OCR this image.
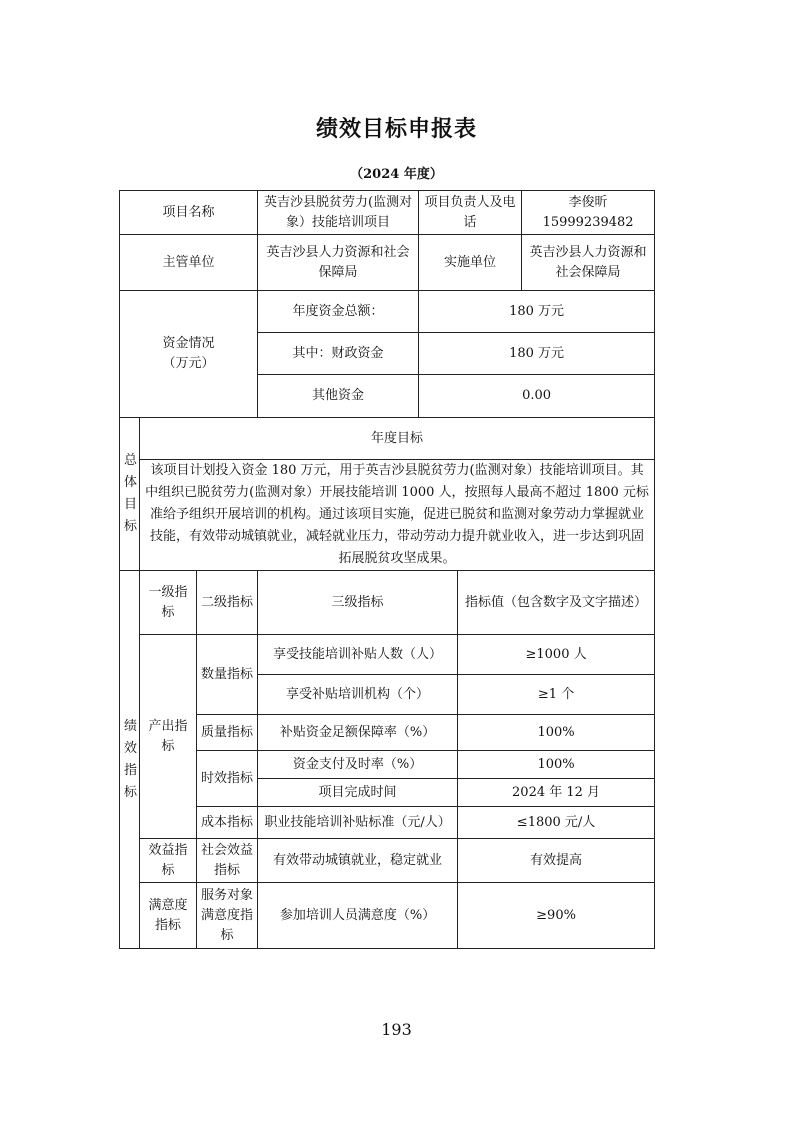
绩效目标申报表
（2024 年度）
项目名称			英吉沙县脱贫劳力(监测对象）技能培训项目	项目负责人及电话		李俊昕 15999239482
主管单位			英吉沙县人力资源和社会保障局	实施单位		英吉沙县人力资源和社会保障局

资金情况
（万元）			年度资金总额：	180 万元		
			其中：财政资金	180 万元		
			其他资金	0.00		
总体目标	年度目标					
	该项目计划投入资金 180 万元，用于英吉沙县脱贫劳力(监测对象）技能培训项目。其中组织已脱贫劳力(监测对象）开展技能培训 1000 人，按照每人最高不超过 1800 元标准给予组织开展培训的机构。通过该项目实施，促进已脱贫和监测对象劳动力掌握就业技能，有效带动城镇就业，减轻就业压力，带动劳动力提升就业收入，进一步达到巩固拓展脱贫攻坚成果。					
绩效指标	一级指标	二级指标	三级指标		指标值（包含数字及文字描述）	
	产出指标	数量指标	享受技能培训补贴人数（人）		≥1000 人	
			享受补贴培训机构（个）		≥1 个	
		质量指标	补贴资金足额保障率（%）		100%	
		时效指标	资金支付及时率（%）		100%	
			项目完成时间		2024 年 12 月	
		成本指标	职业技能培训补贴标准（元/人）		≤1800 元/人	
	效益指标	社会效益指标	有效带动城镇就业，稳定就业		有效提高	
	满意度指标	服务对象满意度指标	参加培训人员满意度（%）		≥90%	
193
